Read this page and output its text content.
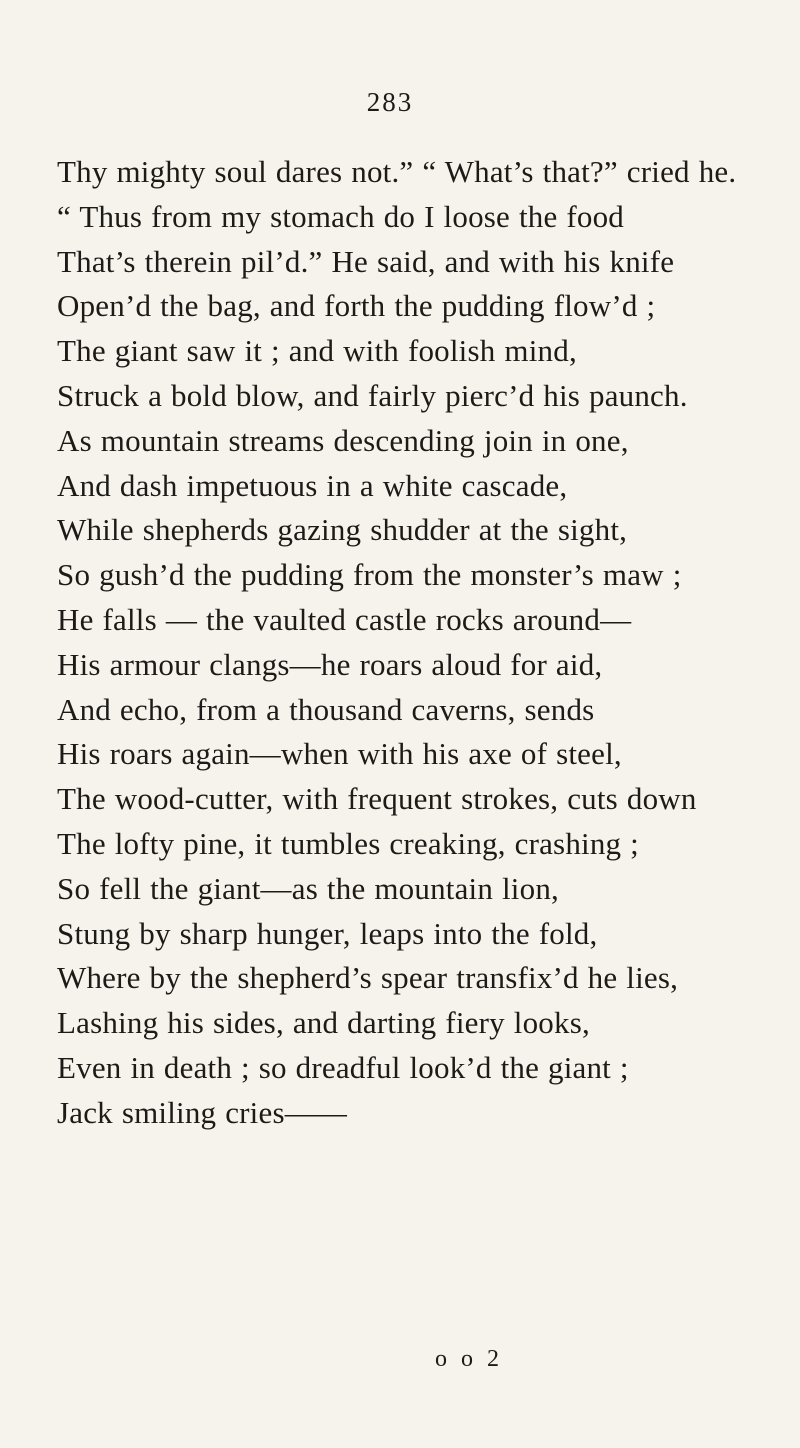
283
Thy mighty soul dares not.” “ What’s that?” cried he.
“ Thus from my stomach do I loose the food
That’s therein pil’d.” He said, and with his knife
Open’d the bag, and forth the pudding flow’d ;
The giant saw it ; and with foolish mind,
Struck a bold blow, and fairly pierc’d his paunch.
As mountain streams descending join in one,
And dash impetuous in a white cascade,
While shepherds gazing shudder at the sight,
So gush’d the pudding from the monster’s maw ;
He falls — the vaulted castle rocks around—
His armour clangs—he roars aloud for aid,
And echo, from a thousand caverns, sends
His roars again—when with his axe of steel,
The wood-cutter, with frequent strokes, cuts down
The lofty pine, it tumbles creaking, crashing ;
So fell the giant—as the mountain lion,
Stung by sharp hunger, leaps into the fold,
Where by the shepherd’s spear transfix’d he lies,
Lashing his sides, and darting fiery looks,
Even in death ; so dreadful look’d the giant ;
Jack smiling cries——
o o 2
